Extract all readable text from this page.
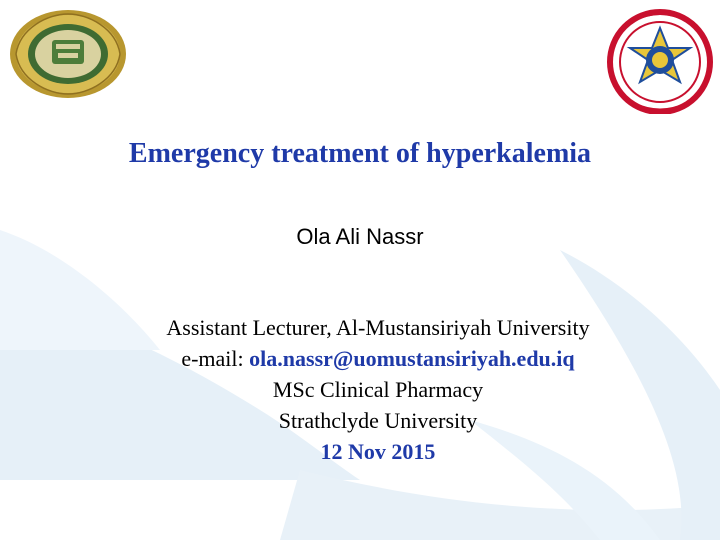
Emergency treatment of hyperkalemia
Ola Ali Nassr
Assistant Lecturer, Al-Mustansiriyah University
e-mail: ola.nassr@uomustansiriyah.edu.iq
MSc Clinical Pharmacy
Strathclyde University
12 Nov 2015
